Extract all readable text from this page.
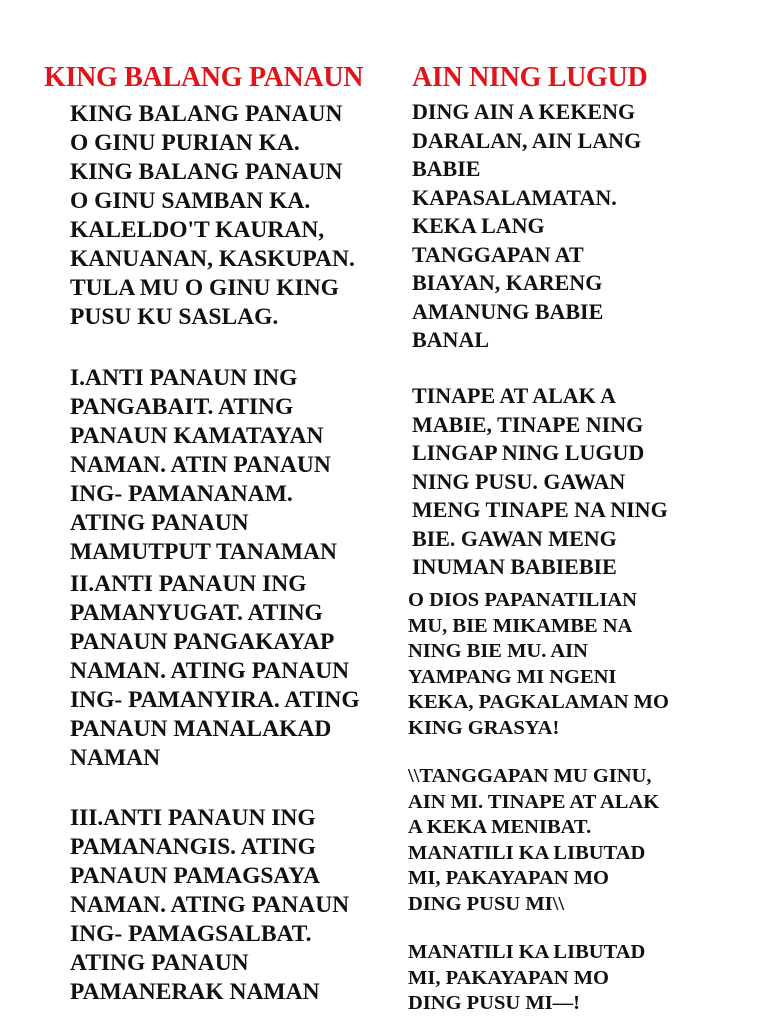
KING BALANG PANAUN AIN NING LUGUD
KING BALANG PANAUN
O GINU PURIAN KA.
KING BALANG PANAUN
O GINU SAMBAN KA.
KALELDO'T KAURAN,
KANUANAN, KASKUPAN.
TULA MU O GINU KING
PUSU KU SASLAG.
I.ANTI PANAUN ING
PANGABAIT. ATING
PANAUN KAMATAYAN
NAMAN. ATIN PANAUN
ING- PAMANANAM.
ATING PANAUN
MAMUTPUT TANAMAN
II.ANTI PANAUN ING
PAMANYUGAT. ATING
PANAUN PANGAKAYAP
NAMAN. ATING PANAUN
ING- PAMANYIRA. ATING
PANAUN MANALAKAD
NAMAN
III.ANTI PANAUN ING
PAMANANGIS. ATING
PANAUN PAMAGSAYA
NAMAN. ATING PANAUN
ING- PAMAGSALBAT.
ATING PANAUN
PAMANERAK NAMAN
DING AIN A KEKENG
DARALAN, AIN LANG
BABIE
KAPASALAMATAN.
KEKA LANG
TANGGAPAN AT
BIAYAN, KARENG
AMANUNG BABIE
BANAL
TINAPE AT ALAK A
MABIE, TINAPE NING
LINGAP NING LUGUD
NING PUSU. GAWAN
MENG TINAPE NA NING
BIE. GAWAN MENG
INUMAN BABIEBIE
O DIOS PAPANATILIAN
MU, BIE MIKAMBE NA
NING BIE MU. AIN
YAMPANG MI NGENI
KEKA, PAGKALAMAN MO
KING GRASYA!
\\TANGGAPAN MU GINU,
AIN MI. TINAPE AT ALAK
A KEKA MENIBAT.
MANATILI KA LIBUTAD
MI, PAKAYAPAN MO
DING PUSU MI\\
MANATILI KA LIBUTAD
MI, PAKAYAPAN MO
DING PUSU MI—!
